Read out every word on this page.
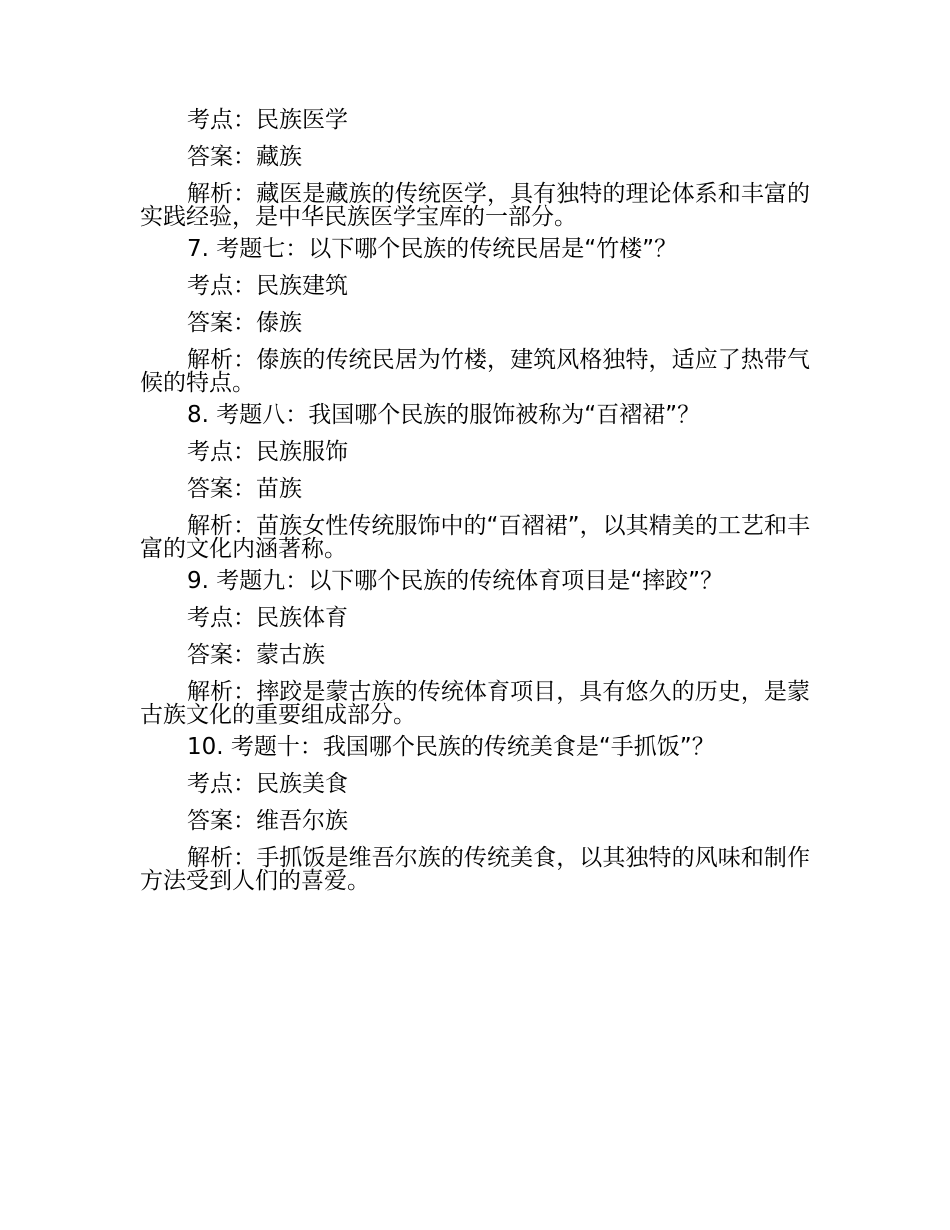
考点：民族医学
答案：藏族
解析：藏医是藏族的传统医学，具有独特的理论体系和丰富的实践经验，是中华民族医学宝库的一部分。
7. 考题七：以下哪个民族的传统民居是“竹楼”？
考点：民族建筑
答案：傣族
解析：傣族的传统民居为竹楼，建筑风格独特，适应了热带气候的特点。
8. 考题八：我国哪个民族的服饰被称为“百褶裙”？
考点：民族服饰
答案：苗族
解析：苗族女性传统服饰中的“百褶裙”，以其精美的工艺和丰富的文化内涵著称。
9. 考题九：以下哪个民族的传统体育项目是“摔跤”？
考点：民族体育
答案：蒙古族
解析：摔跤是蒙古族的传统体育项目，具有悠久的历史，是蒙古族文化的重要组成部分。
10. 考题十：我国哪个民族的传统美食是“手抓饭”？
考点：民族美食
答案：维吾尔族
解析：手抓饭是维吾尔族的传统美食，以其独特的风味和制作方法受到人们的喜爱。
